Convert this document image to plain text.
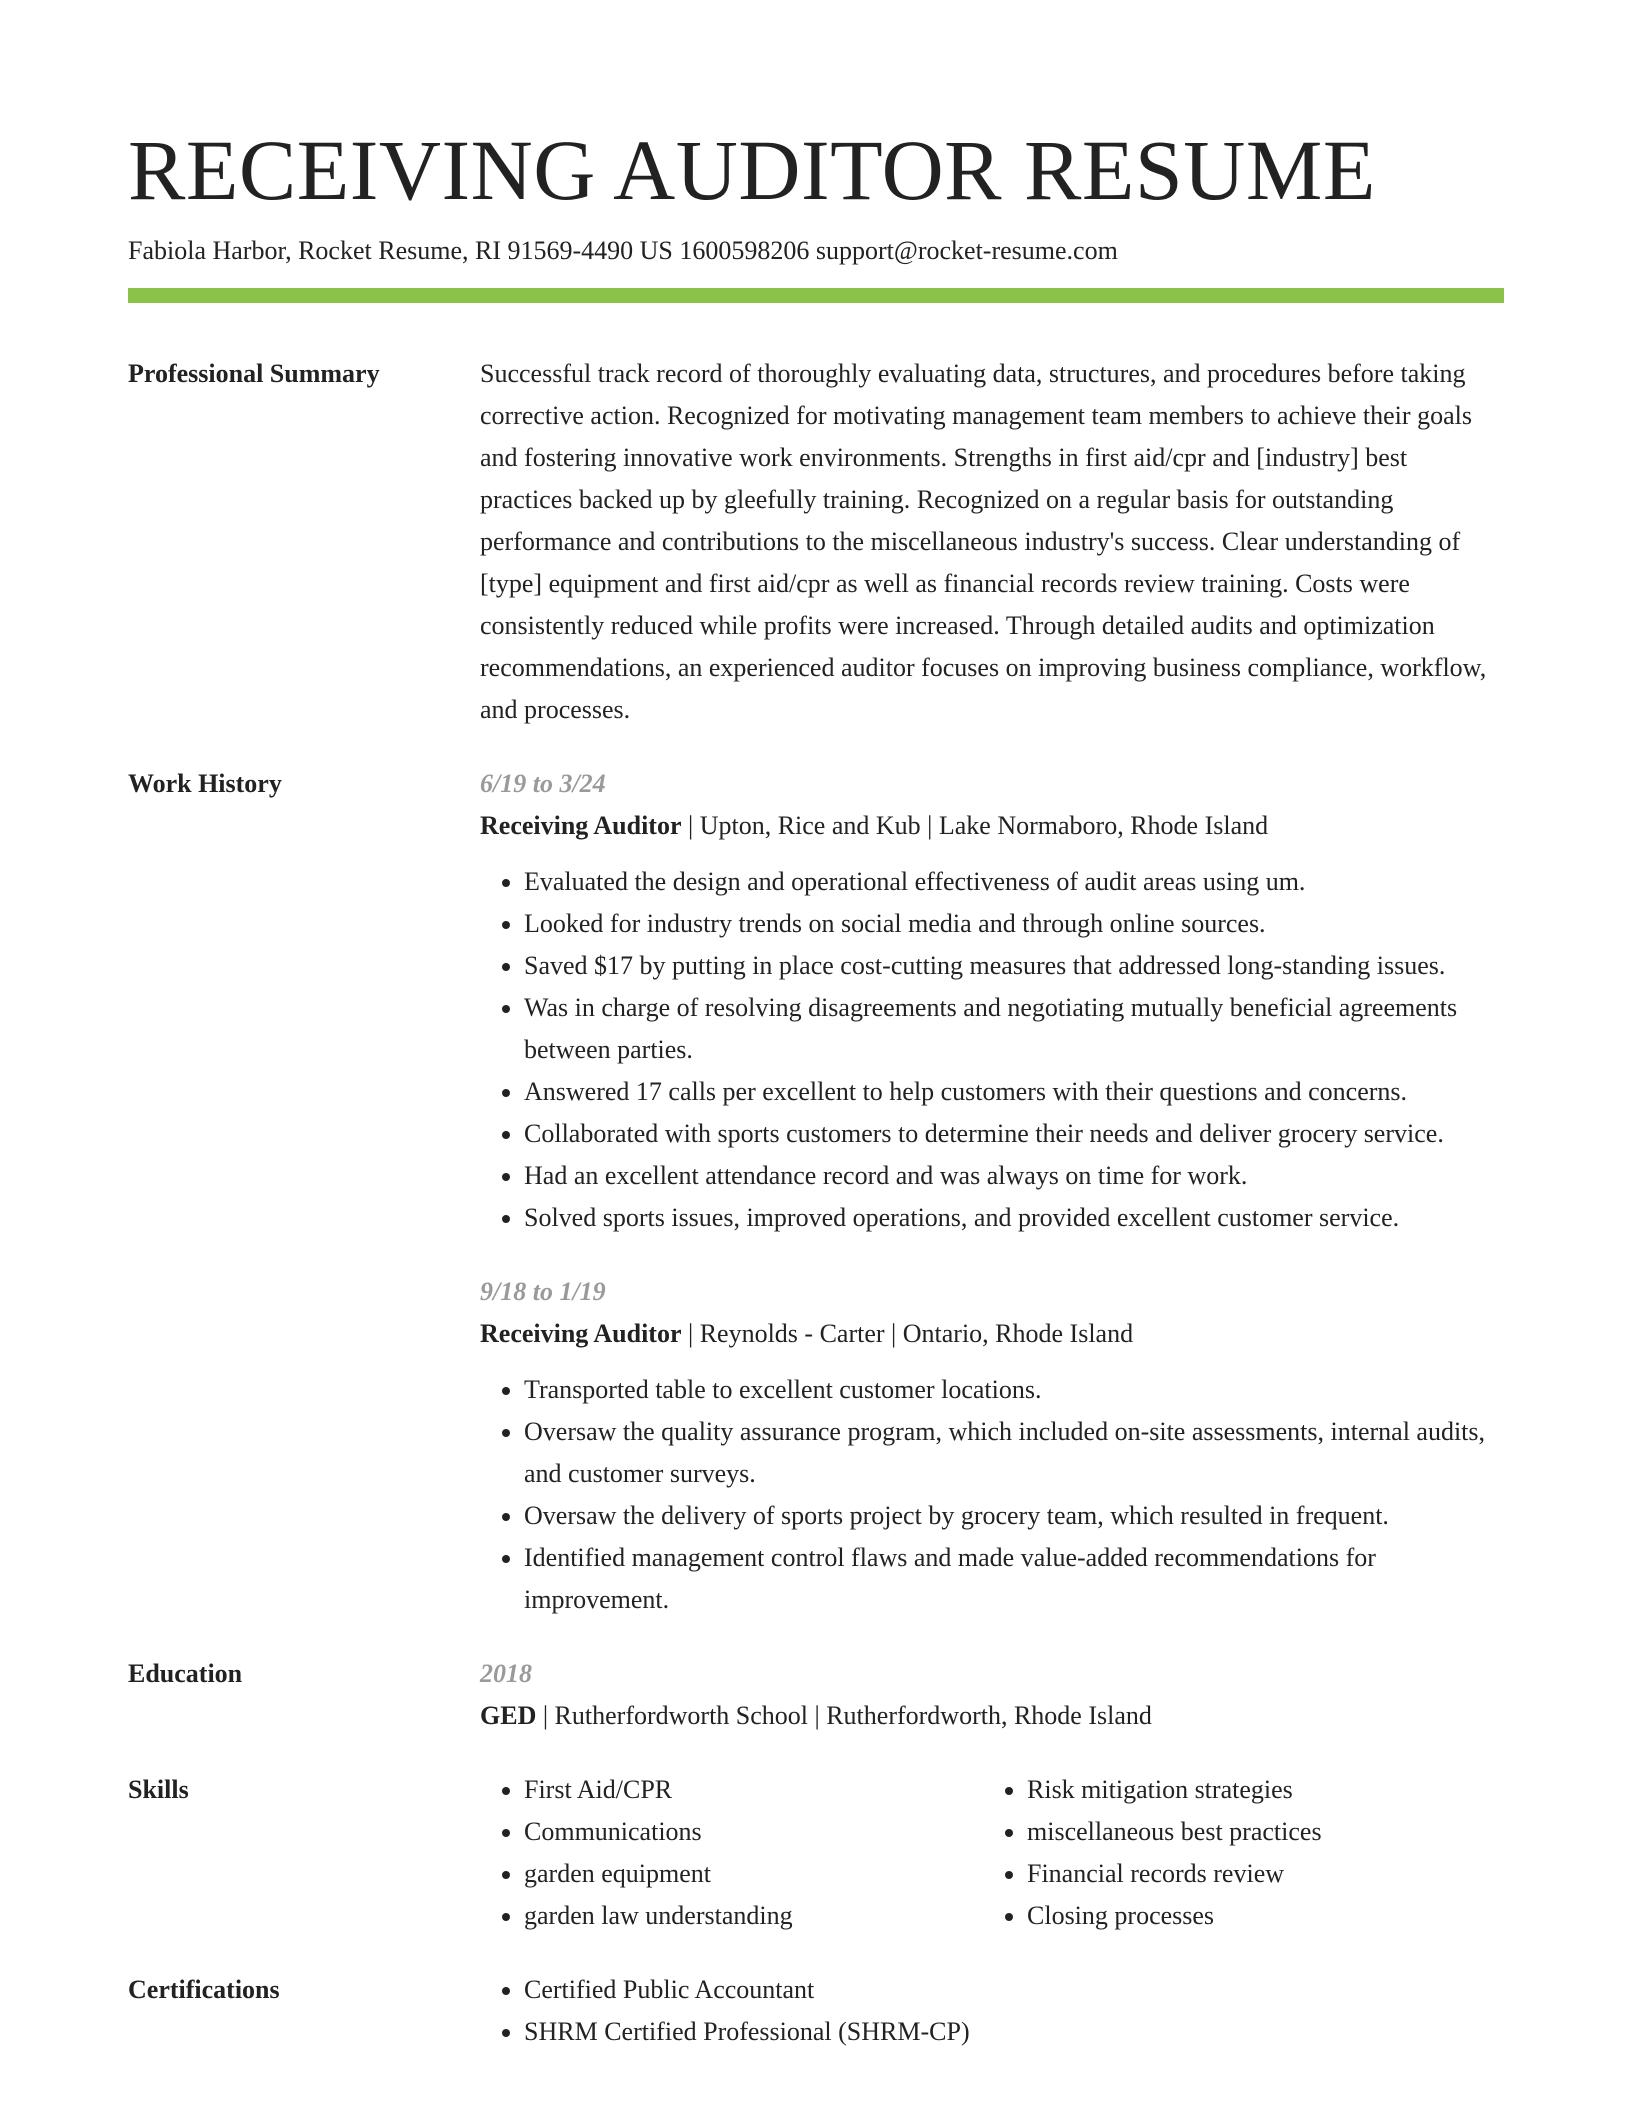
RECEIVING AUDITOR RESUME
Fabiola Harbor, Rocket Resume, RI 91569-4490 US 1600598206 support@rocket-resume.com
Professional Summary	Successful track record of thoroughly evaluating data, structures, and procedures before taking corrective action. Recognized for motivating management team members to achieve their goals and fostering innovative work environments. Strengths in first aid/cpr and [industry] best practices backed up by gleefully training. Recognized on a regular basis for outstanding performance and contributions to the miscellaneous industry's success. Clear understanding of [type] equipment and first aid/cpr as well as financial records review training. Costs were consistently reduced while profits were increased. Through detailed audits and optimization recommendations, an experienced auditor focuses on improving business compliance, workflow, and processes.

Work History	6/19 to 3/24
Receiving Auditor | Upton, Rice and Kub | Lake Normaboro, Rhode Island
• Evaluated the design and operational effectiveness of audit areas using um.
• Looked for industry trends on social media and through online sources.
• Saved $17 by putting in place cost-cutting measures that addressed long-standing issues.
• Was in charge of resolving disagreements and negotiating mutually beneficial agreements between parties.
• Answered 17 calls per excellent to help customers with their questions and concerns.
• Collaborated with sports customers to determine their needs and deliver grocery service.
• Had an excellent attendance record and was always on time for work.
• Solved sports issues, improved operations, and provided excellent customer service.
9/18 to 1/19
Receiving Auditor | Reynolds - Carter | Ontario, Rhode Island
• Transported table to excellent customer locations.
• Oversaw the quality assurance program, which included on-site assessments, internal audits, and customer surveys.
• Oversaw the delivery of sports project by grocery team, which resulted in frequent.
• Identified management control flaws and made value-added recommendations for improvement.
Education	2018
GED | Rutherfordworth School | Rutherfordworth, Rhode Island
Skills	• First Aid/CPR
• Communications
• garden equipment
• garden law understanding
• Risk mitigation strategies
• miscellaneous best practices
• Financial records review
• Closing processes
Certifications	• Certified Public Accountant
• SHRM Certified Professional (SHRM-CP)
